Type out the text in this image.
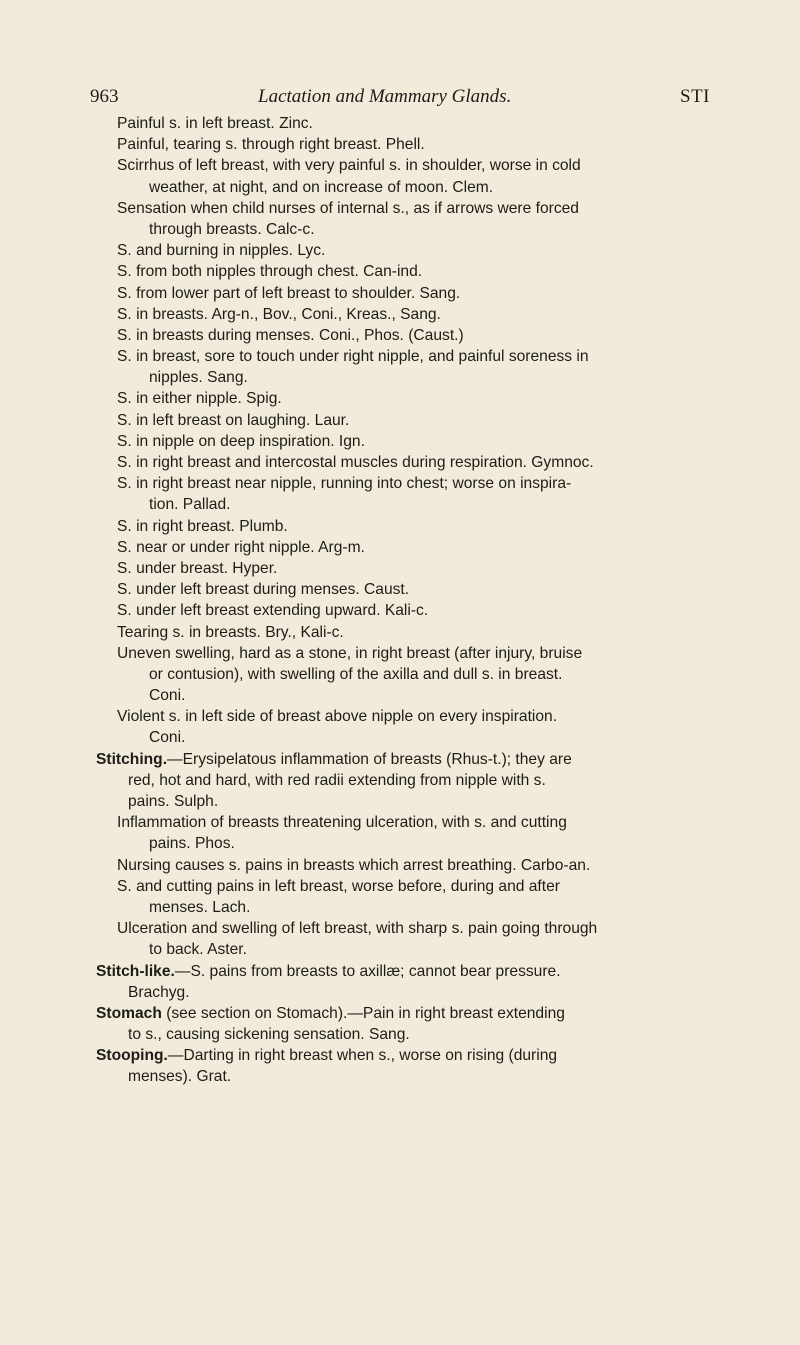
963	Lactation and Mammary Glands.	STI
Painful s. in left breast. Zinc.
Painful, tearing s. through right breast. Phell.
Scirrhus of left breast, with very painful s. in shoulder, worse in cold
weather, at night, and on increase of moon. Clem.
Sensation when child nurses of internal s., as if arrows were forced
through breasts. Calc-c.
S. and burning in nipples. Lyc.
S. from both nipples through chest. Can-ind.
S. from lower part of left breast to shoulder. Sang.
S. in breasts. Arg-n., Bov., Coni., Kreas., Sang.
S. in breasts during menses. Coni., Phos. (Caust.)
S. in breast, sore to touch under right nipple, and painful soreness in
nipples. Sang.
S. in either nipple. Spig.
S. in left breast on laughing. Laur.
S. in nipple on deep inspiration. Ign.
S. in right breast and intercostal muscles during respiration. Gymnoc.
S. in right breast near nipple, running into chest; worse on inspira-
tion. Pallad.
S. in right breast. Plumb.
S. near or under right nipple. Arg-m.
S. under breast. Hyper.
S. under left breast during menses. Caust.
S. under left breast extending upward. Kali-c.
Tearing s. in breasts. Bry., Kali-c.
Uneven swelling, hard as a stone, in right breast (after injury, bruise
or contusion), with swelling of the axilla and dull s. in breast.
Coni.
Violent s. in left side of breast above nipple on every inspiration.
Coni.
Stitching.—Erysipelatous inflammation of breasts (Rhus-t.); they are
red, hot and hard, with red radii extending from nipple with s.
pains. Sulph.
Inflammation of breasts threatening ulceration, with s. and cutting
pains. Phos.
Nursing causes s. pains in breasts which arrest breathing. Carbo-an.
S. and cutting pains in left breast, worse before, during and after
menses. Lach.
Ulceration and swelling of left breast, with sharp s. pain going through
to back. Aster.
Stitch-like.—S. pains from breasts to axillæ; cannot bear pressure.
Brachyg.
Stomach (see section on Stomach).—Pain in right breast extending
to s., causing sickening sensation. Sang.
Stooping.—Darting in right breast when s., worse on rising (during
menses). Grat.
